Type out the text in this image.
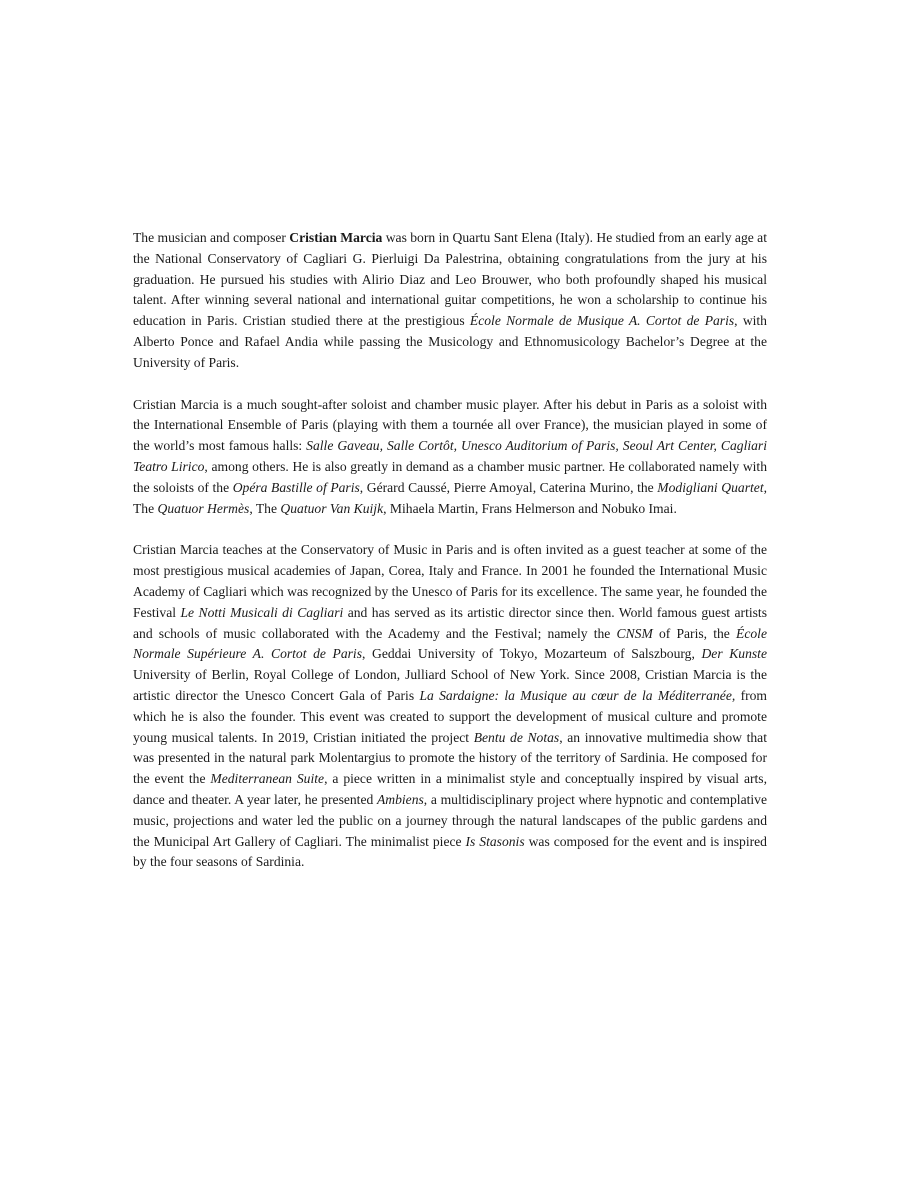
The musician and composer Cristian Marcia was born in Quartu Sant Elena (Italy). He studied from an early age at the National Conservatory of Cagliari G. Pierluigi Da Palestrina, obtaining congratulations from the jury at his graduation. He pursued his studies with Alirio Diaz and Leo Brouwer, who both profoundly shaped his musical talent. After winning several national and international guitar competitions, he won a scholarship to continue his education in Paris. Cristian studied there at the prestigious École Normale de Musique A. Cortot de Paris, with Alberto Ponce and Rafael Andia while passing the Musicology and Ethnomusicology Bachelor’s Degree at the University of Paris.

Cristian Marcia is a much sought-after soloist and chamber music player. After his debut in Paris as a soloist with the International Ensemble of Paris (playing with them a tournée all over France), the musician played in some of the world’s most famous halls: Salle Gaveau, Salle Cortôt, Unesco Auditorium of Paris, Seoul Art Center, Cagliari Teatro Lirico, among others. He is also greatly in demand as a chamber music partner. He collaborated namely with the soloists of the Opéra Bastille of Paris, Gérard Caussé, Pierre Amoyal, Caterina Murino, the Modigliani Quartet, The Quatuor Hermès, The Quatuor Van Kuijk, Mihaela Martin, Frans Helmerson and Nobuko Imai.

Cristian Marcia teaches at the Conservatory of Music in Paris and is often invited as a guest teacher at some of the most prestigious musical academies of Japan, Corea, Italy and France. In 2001 he founded the International Music Academy of Cagliari which was recognized by the Unesco of Paris for its excellence. The same year, he founded the Festival Le Notti Musicali di Cagliari and has served as its artistic director since then. World famous guest artists and schools of music collaborated with the Academy and the Festival; namely the CNSM of Paris, the École Normale Supérieure A. Cortot de Paris, Geddai University of Tokyo, Mozarteum of Salszbourg, Der Kunste University of Berlin, Royal College of London, Julliard School of New York. Since 2008, Cristian Marcia is the artistic director the Unesco Concert Gala of Paris La Sardaigne: la Musique au cœur de la Méditerranée, from which he is also the founder. This event was created to support the development of musical culture and promote young musical talents. In 2019, Cristian initiated the project Bentu de Notas, an innovative multimedia show that was presented in the natural park Molentargius to promote the history of the territory of Sardinia. He composed for the event the Mediterranean Suite, a piece written in a minimalist style and conceptually inspired by visual arts, dance and theater. A year later, he presented Ambiens, a multidisciplinary project where hypnotic and contemplative music, projections and water led the public on a journey through the natural landscapes of the public gardens and the Municipal Art Gallery of Cagliari. The minimalist piece Is Stasonis was composed for the event and is inspired by the four seasons of Sardinia.
